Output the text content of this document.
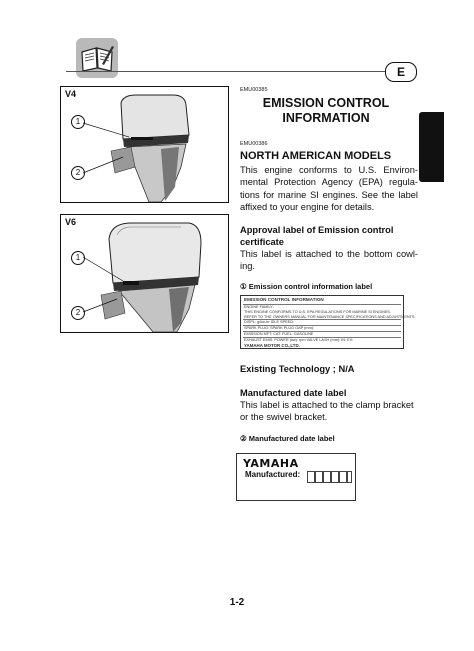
E
V4
1
2
V6
1
2
EMU00385
EMISSION CONTROL
INFORMATION
EMU00386
NORTH AMERICAN MODELS
This engine conforms to U.S. Environ-
mental Protection Agency (EPA) regula-
tions for marine SI engines. See the label
affixed to your engine for details.
Approval label of Emission control
certificate
This label is attached to the bottom cowl-
ing.
① Emission control information label
EMISSION CONTROL INFORMATION
ENGINE FAMILY:
THIS ENGINE CONFORMS TO U.S. EPA REGULATIONS FOR MARINE SI ENGINES.
REFER TO THE OWNERS MANUAL FOR MAINTENANCE SPECIFICATIONS AND ADJUSTMENTS.
DISPL: g/kw-hr IDLE SPEED:
SPARK PLUG: SPARK PLUG GAP (mm):
EMISSION MFT: CAT: FUEL: GASOLINE
EXHAUST EMIS. POWER (kw): rpm VALVE LASH (mm): IN: EX:
YAMAHA MOTOR CO.,LTD.
Existing Technology ; N/A
Manufactured date label
This label is attached to the clamp bracket
or the swivel bracket.
② Manufactured date label
YAMAHA
Manufactured:
1-2
